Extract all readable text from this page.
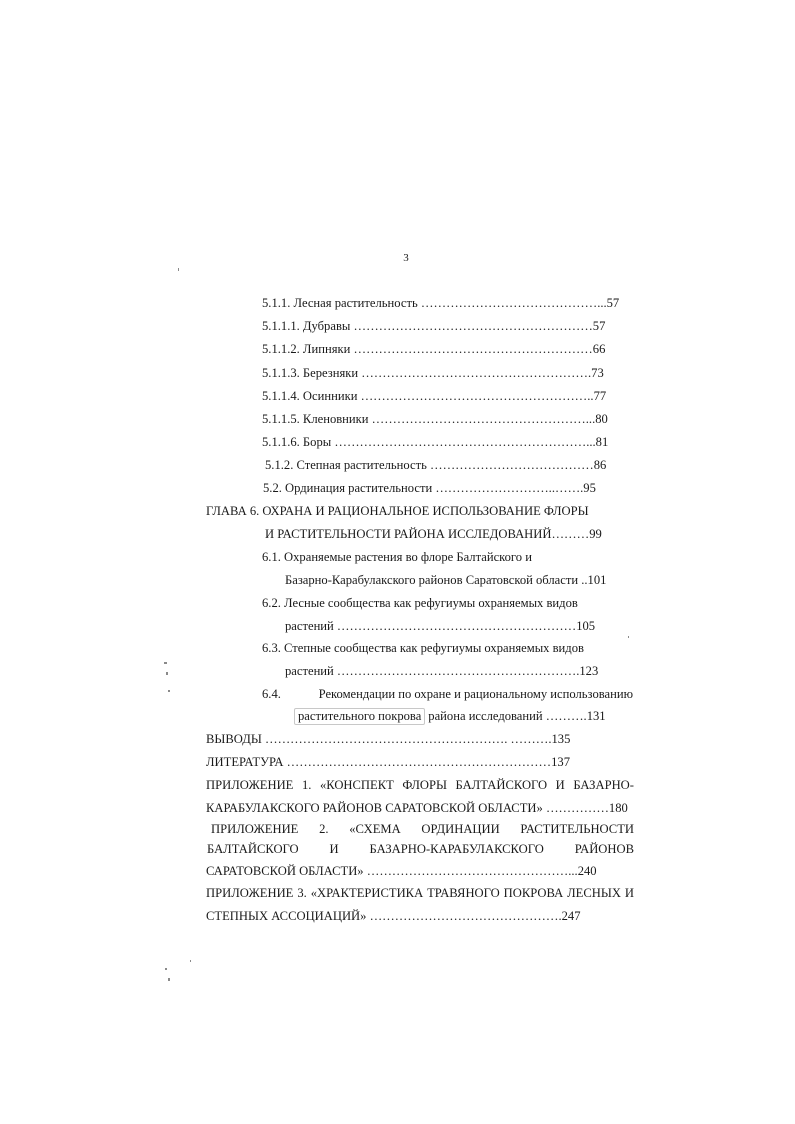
3
5.1.1. Лесная растительность ……………………………………...57
5.1.1.1. Дубравы …………………………………………………57
5.1.1.2. Липняки …………………………………………………66
5.1.1.3. Березняки ……………………………………………….73
5.1.1.4. Осинники ………………………………………………..77
5.1.1.5. Кленовники ……………………………………………...80
5.1.1.6. Боры ……………………………………………………...81
5.1.2. Степная растительность …………………………………86
5.2. Ординация растительности ………………………..…….95
ГЛАВА 6. ОХРАНА И РАЦИОНАЛЬНОЕ ИСПОЛЬЗОВАНИЕ ФЛОРЫ
И РАСТИТЕЛЬНОСТИ РАЙОНА ИССЛЕДОВАНИЙ………99
6.1. Охраняемые растения во флоре Балтайского и
Базарно-Карабулакского районов Саратовской области ..101
6.2. Лесные сообщества как рефугиумы охраняемых видов
растений …………………………………………………105
6.3. Степные сообщества как рефугиумы охраняемых видов
растений ………………………………………………….123
6.4.	Рекомендации по охране и рациональному использованию
растительного покрова района исследований ……….131
ВЫВОДЫ …………………………………………………. ……….135
ЛИТЕРАТУРА ………………………………………………………137
ПРИЛОЖЕНИЕ 1. «КОНСПЕКТ ФЛОРЫ БАЛТАЙСКОГО И БАЗАРНО-
КАРАБУЛАКСКОГО РАЙОНОВ САРАТОВСКОЙ ОБЛАСТИ» ……………180
ПРИЛОЖЕНИЕ 2. «СХЕМА ОРДИНАЦИИ РАСТИТЕЛЬНОСТИ
БАЛТАЙСКОГО И БАЗАРНО-КАРАБУЛАКСКОГО РАЙОНОВ
САРАТОВСКОЙ ОБЛАСТИ» …………………………………………...240
ПРИЛОЖЕНИЕ 3. «ХРАКТЕРИСТИКА ТРАВЯНОГО ПОКРОВА ЛЕСНЫХ И
СТЕПНЫХ АССОЦИАЦИЙ» ……………………………………….247
